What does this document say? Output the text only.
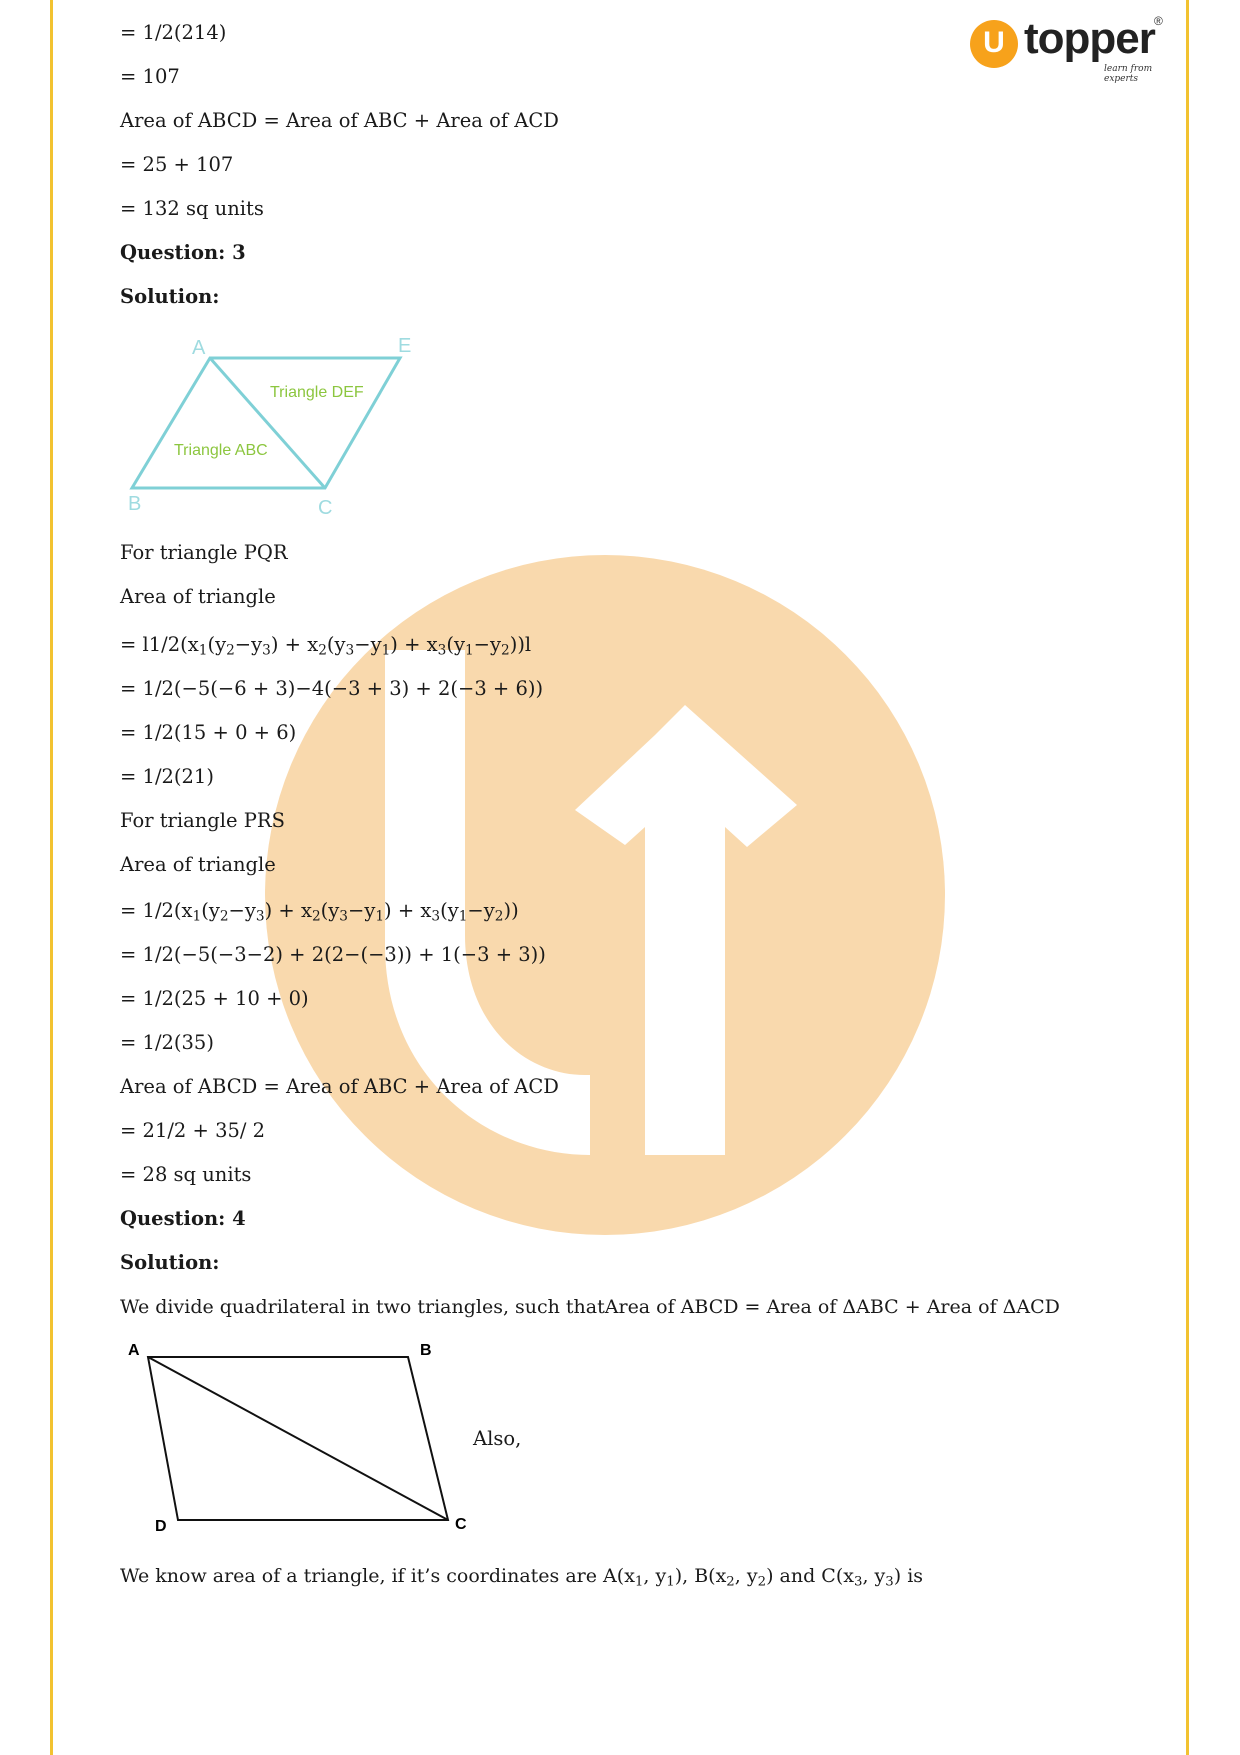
U topper ®
learn from experts
= 1/2(214)
= 107
Area of ABCD = Area of ABC + Area of ACD
= 25 + 107
= 132 sq units
Question: 3
Solution:
A	E
B	C
Triangle DEF
Triangle ABC
For triangle PQR
Area of triangle
= $l1/2(x_1(y_2-y_3) + x_2(y_3-y_1) + x_3(y_1-y_2))l$
= 1/2(−5(−6 + 3)−4(−3 + 3) + 2(−3 + 6))
= 1/2(15 + 0 + 6)
= 1/2(21)
For triangle PRS
Area of triangle
= $1/2(x_1(y_2-y_3) + x_2(y_3-y_1) + x_3(y_1-y_2))$
= 1/2(−5(−3−2) + 2(2−(−3)) + 1(−3 + 3))
= 1/2(25 + 10 + 0)
= 1/2(35)
Area of ABCD = Area of ABC + Area of ACD
= 21/2 + 35/ 2
= 28 sq units
Question: 4
Solution:
We divide quadrilateral in two triangles, such thatArea of ABCD = Area of ΔABC + Area of ΔACD
A	B
D	C
Also,
We know area of a triangle, if it’s coordinates are $A(x_1$, $y_1$), $B(x_2$, $y_2$) and $C(x_3$, $y_3$) is
